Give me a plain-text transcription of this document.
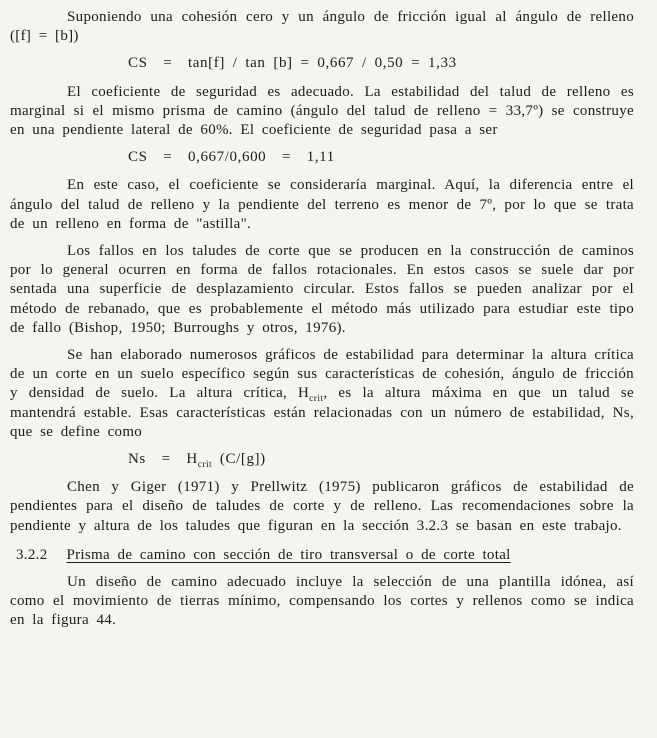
Suponiendo una cohesión cero y un ángulo de fricción igual al ángulo de relleno ([f] = [b])

CS  =  tan[f] / tan [b] = 0,667 / 0,50 = 1,33

El coeficiente de seguridad es adecuado. La estabilidad del talud de relleno es marginal si el mismo prisma de camino (ángulo del talud de relleno = 33,7º) se construye en una pendiente lateral de 60%. El coeficiente de seguridad pasa a ser

CS  =  0,667/0,600  =  1,11

En este caso, el coeficiente se consideraría marginal. Aquí, la diferencia entre el ángulo del talud de relleno y la pendiente del terreno es menor de 7º, por lo que se trata de un relleno en forma de "astilla".

Los fallos en los taludes de corte que se producen en la construcción de caminos por lo general ocurren en forma de fallos rotacionales. En estos casos se suele dar por sentada una superficie de desplazamiento circular. Estos fallos se pueden analizar por el método de rebanado, que es probablemente el método más utilizado para estudiar este tipo de fallo (Bishop, 1950; Burroughs y otros, 1976).

Se han elaborado numerosos gráficos de estabilidad para determinar la altura crítica de un corte en un suelo específico según sus características de cohesión, ángulo de fricción y densidad de suelo. La altura crítica, $H_{crit}$, es la altura máxima en que un talud se mantendrá estable. Esas características están relacionadas con un número de estabilidad, Ns, que se define como

$Ns = H_{crit}$ (C/[g])

Chen y Giger (1971) y Prellwitz (1975) publicaron gráficos de estabilidad de pendientes para el diseño de taludes de corte y de relleno. Las recomendaciones sobre la pendiente y altura de los taludes que figuran en la sección 3.2.3 se basan en este trabajo.

3.2.2 Prisma de camino con sección de tiro transversal o de corte total

Un diseño de camino adecuado incluye la selección de una plantilla idónea, así como el movimiento de tierras mínimo, compensando los cortes y rellenos como se indica en la figura 44.
